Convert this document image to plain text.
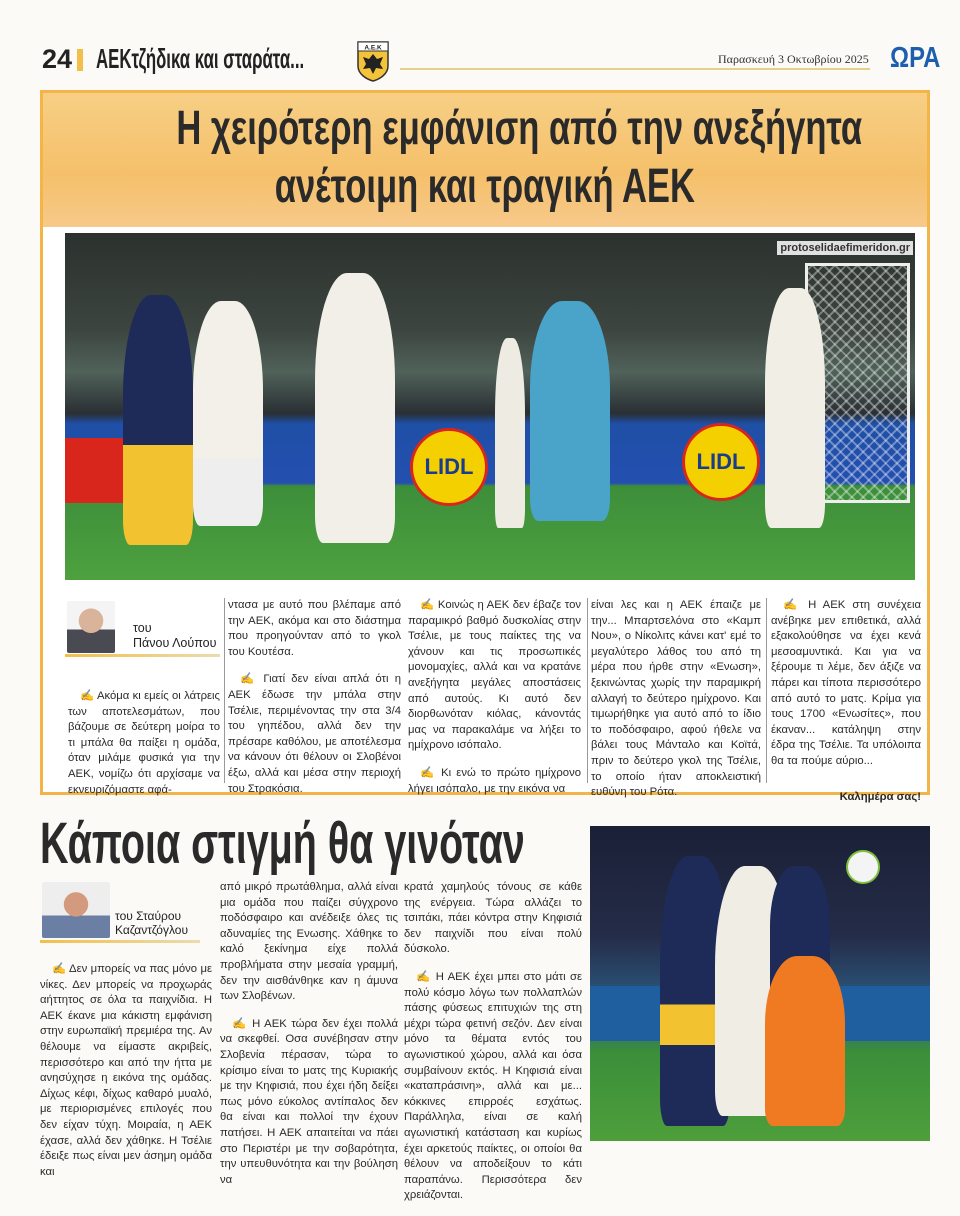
24 ΑΕΚτζήδικα και σταράτα...	Α.Ε.Κ
Παρασκευή 3 Οκτωβρίου 2025 ΩΡΑ
Η χειρότερη εμφάνιση από την ανεξήγητα
ανέτοιμη και τραγική ΑΕΚ
LIDL	LIDL
protoselidaefimeridon.gr
του
Πάνου Λούπου

✍ Ακόμα κι εμείς οι λάτρεις των αποτελεσμάτων, που βάζουμε σε δεύτερη μοίρα το τι μπάλα θα παίξει η ομάδα, όταν μιλάμε φυσικά για την ΑΕΚ, νομίζω ότι αρχίσαμε να εκνευριζόμαστε αφά-

ντασα με αυτό που βλέπαμε από την ΑΕΚ, ακόμα και στο διάστημα που προηγούνταν από το γκολ του Κουτέσα.

✍ Γιατί δεν είναι απλά ότι η ΑΕΚ έδωσε την μπάλα στην Τσέλιε, περιμένοντας την στα 3/4 του γηπέδου, αλλά δεν την πρέσαρε καθόλου, με αποτέλεσμα να κάνουν ότι θέλουν οι Σλοβένοι έξω, αλλά και μέσα στην περιοχή του Στρακόσια.

✍ Κοινώς η ΑΕΚ δεν έβαζε τον παραμικρό βαθμό δυσκολίας στην Τσέλιε, με τους παίκτες της να χάνουν και τις προσωπικές μονομαχίες, αλλά και να κρατάνε ανεξήγητα μεγάλες αποστάσεις από αυτούς. Κι αυτό δεν διορθωνόταν κιόλας, κάνοντάς μας να παρακαλάμε να λήξει το ημίχρονο ισόπαλο.

✍ Κι ενώ το πρώτο ημίχρονο λήγει ισόπαλο, με την εικόνα να

είναι λες και η ΑΕΚ έπαιζε με την... Μπαρτσελόνα στο «Καμπ Νου», ο Νίκολιτς κάνει κατ' εμέ το μεγαλύτερο λάθος του από τη μέρα που ήρθε στην «Ενωση», ξεκινώντας χωρίς την παραμικρή αλλαγή το δεύτερο ημίχρονο. Και τιμωρήθηκε για αυτό από το ίδιο το ποδόσφαιρο, αφού ήθελε να βάλει τους Μάνταλο και Κοϊτά, πριν το δεύτερο γκολ της Τσέλιε, το οποίο ήταν αποκλειστική ευθύνη του Ρότα.

✍ Η ΑΕΚ στη συνέχεια ανέβηκε μεν επιθετικά, αλλά εξακολούθησε να έχει κενά μεσοαμυντικά. Και για να ξέρουμε τι λέμε, δεν άξιζε να πάρει και τίποτα περισσότερο από αυτό το ματς. Κρίμα για τους 1700 «Ενωσίτες», που έκαναν... κατάληψη στην έδρα της Τσέλιε. Τα υπόλοιπα θα τα πούμε αύριο...

Καλημέρα σας!

Κάποια στιγμή θα γινόταν
του Σταύρου
Καζαντζόγλου

✍ Δεν μπορείς να πας μόνο με νίκες. Δεν μπορείς να προχωράς αήττητος σε όλα τα παιχνίδια. Η ΑΕΚ έκανε μια κάκιστη εμφάνιση στην ευρωπαϊκή πρεμιέρα της. Αν θέλουμε να είμαστε ακριβείς, περισσότερο και από την ήττα με ανησύχησε η εικόνα της ομάδας. Δίχως κέφι, δίχως καθαρό μυαλό, με περιορισμένες επιλογές που δεν είχαν τύχη. Μοιραία, η ΑΕΚ έχασε, αλλά δεν χάθηκε. Η Τσέλιε έδειξε πως είναι μεν άσημη ομάδα και

από μικρό πρωτάθλημα, αλλά είναι μια ομάδα που παίζει σύγχρονο ποδόσφαιρο και ανέδειξε όλες τις αδυναμίες της Ενωσης. Χάθηκε το καλό ξεκίνημα είχε πολλά προβλήματα στην μεσαία γραμμή, δεν την αισθάνθηκε καν η άμυνα των Σλοβένων.

✍ Η ΑΕΚ τώρα δεν έχει πολλά να σκεφθεί. Οσα συνέβησαν στην Σλοβενία πέρασαν, τώρα το κρίσιμο είναι το ματς της Κυριακής με την Κηφισιά, που έχει ήδη δείξει πως μόνο εύκολος αντίπαλος δεν θα είναι και πολλοί την έχουν πατήσει. Η ΑΕΚ απαιτείται να πάει στο Περιστέρι με την σοβαρότητα, την υπευθυνότητα και την βούληση να

κρατά χαμηλούς τόνους σε κάθε της ενέργεια. Τώρα αλλάζει το τσιπάκι, πάει κόντρα στην Κηφισιά δεν παιχνίδι που είναι πολύ δύσκολο.

✍ Η ΑΕΚ έχει μπει στο μάτι σε πολύ κόσμο λόγω των πολλαπλών πάσης φύσεως επιτυχιών της στη μέχρι τώρα φετινή σεζόν. Δεν είναι μόνο τα θέματα εντός του αγωνιστικού χώρου, αλλά και όσα συμβαίνουν εκτός. Η Κηφισιά είναι «καταπράσινη», αλλά και με... κόκκινες επιρροές εσχάτως. Παράλληλα, είναι σε καλή αγωνιστική κατάσταση και κυρίως έχει αρκετούς παίκτες, οι οποίοι θα θέλουν να αποδείξουν το κάτι παραπάνω. Περισσότερα δεν χρειάζονται.
